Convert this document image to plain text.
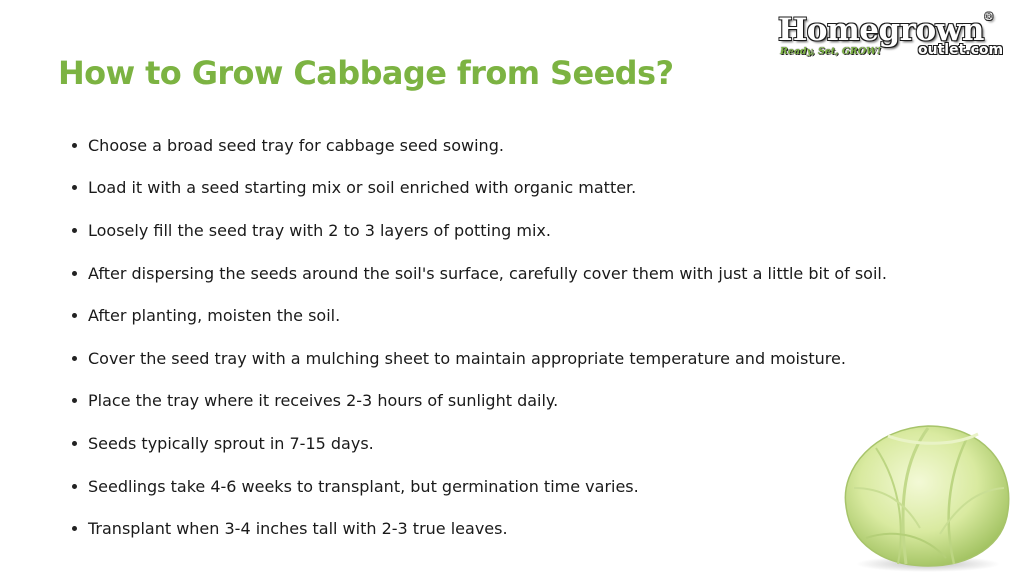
Homegrown®
Ready, Set, GROW!	outlet.com
How to Grow Cabbage from Seeds?
Choose a broad seed tray for cabbage seed sowing.
Load it with a seed starting mix or soil enriched with organic matter.
Loosely fill the seed tray with 2 to 3 layers of potting mix.
After dispersing the seeds around the soil's surface, carefully cover them with just a little bit of soil.
After planting, moisten the soil.
Cover the seed tray with a mulching sheet to maintain appropriate temperature and moisture.
Place the tray where it receives 2-3 hours of sunlight daily.
Seeds typically sprout in 7-15 days.
Seedlings take 4-6 weeks to transplant, but germination time varies.
Transplant when 3-4 inches tall with 2-3 true leaves.
